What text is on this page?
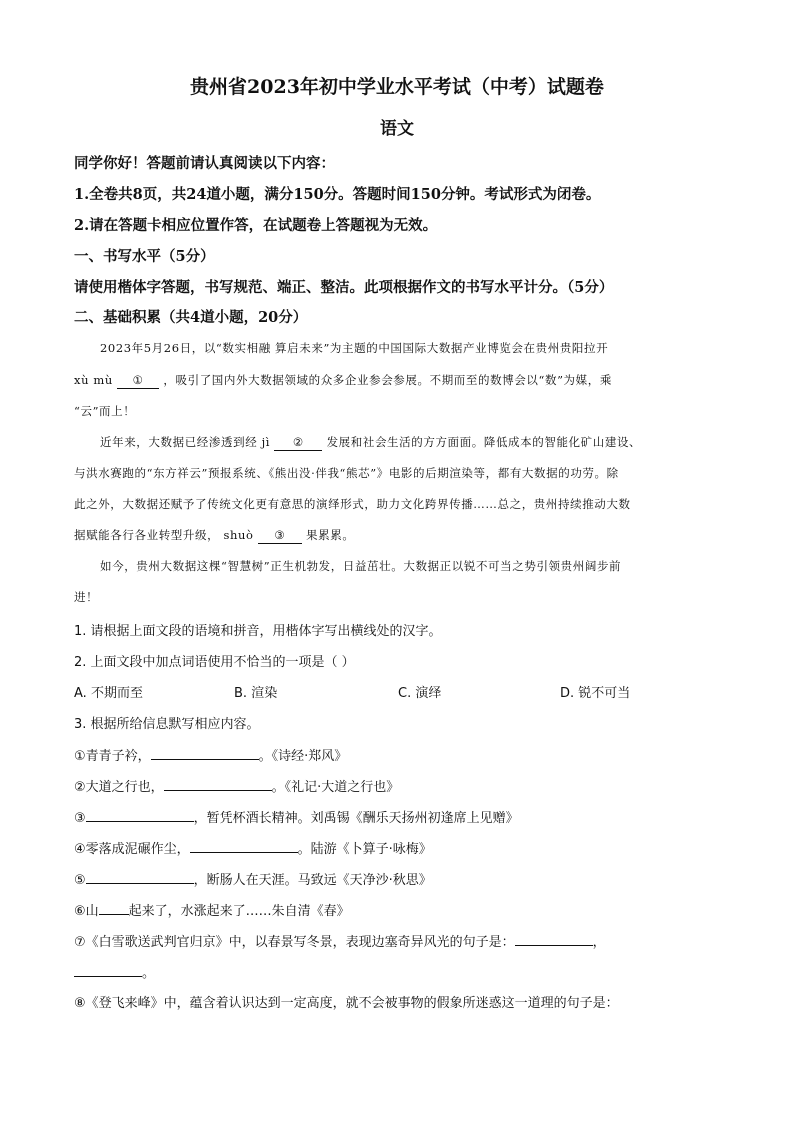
贵州省2023年初中学业水平考试（中考）试题卷
语文
同学你好！答题前请认真阅读以下内容：
1.全卷共8页，共24道小题，满分150分。答题时间150分钟。考试形式为闭卷。
2.请在答题卡相应位置作答，在试题卷上答题视为无效。
一、书写水平（5分）
请使用楷体字答题，书写规范、端正、整洁。此项根据作文的书写水平计分。（5分）
二、基础积累（共4道小题，20分）
2023年5月26日，以“数实相融 算启未来”为主题的中国国际大数据产业博览会在贵州贵阳拉开
xù mù ① ，吸引了国内外大数据领域的众多企业参会参展。不期而至的数博会以“数”为媒，乘
“云”而上！
近年来，大数据已经渗透到经 jì ② 发展和社会生活的方方面面。降低成本的智能化矿山建设、
与洪水赛跑的“东方祥云”预报系统、《熊出没·伴我“熊芯”》电影的后期渲染等，都有大数据的功劳。除
此之外，大数据还赋予了传统文化更有意思的演绎形式，助力文化跨界传播……总之，贵州持续推动大数
据赋能各行各业转型升级， shuò ③ 果累累。
如今，贵州大数据这棵“智慧树”正生机勃发，日益茁壮。大数据正以锐不可当之势引领贵州阔步前
进！
1. 请根据上面文段的语境和拼音，用楷体字写出横线处的汉字。
2. 上面文段中加点词语使用不恰当的一项是（ ）
A. 不期而至	B. 渲染	C. 演绎	D. 锐不可当
3. 根据所给信息默写相应内容。
①青青子衿，	。《诗经·郑风》
②大道之行也，	。《礼记·大道之行也》
③	，暂凭杯酒长精神。刘禹锡《酬乐天扬州初逢席上见赠》
④零落成泥碾作尘，	。陆游《卜算子·咏梅》
⑤	，断肠人在天涯。马致远《天净沙·秋思》
⑥山 起来了，水涨起来了……朱自清《春》
⑦《白雪歌送武判官归京》中，以春景写冬景，表现边塞奇异风光的句子是：	，
。
⑧《登飞来峰》中，蕴含着认识达到一定高度，就不会被事物的假象所迷惑这一道理的句子是：
